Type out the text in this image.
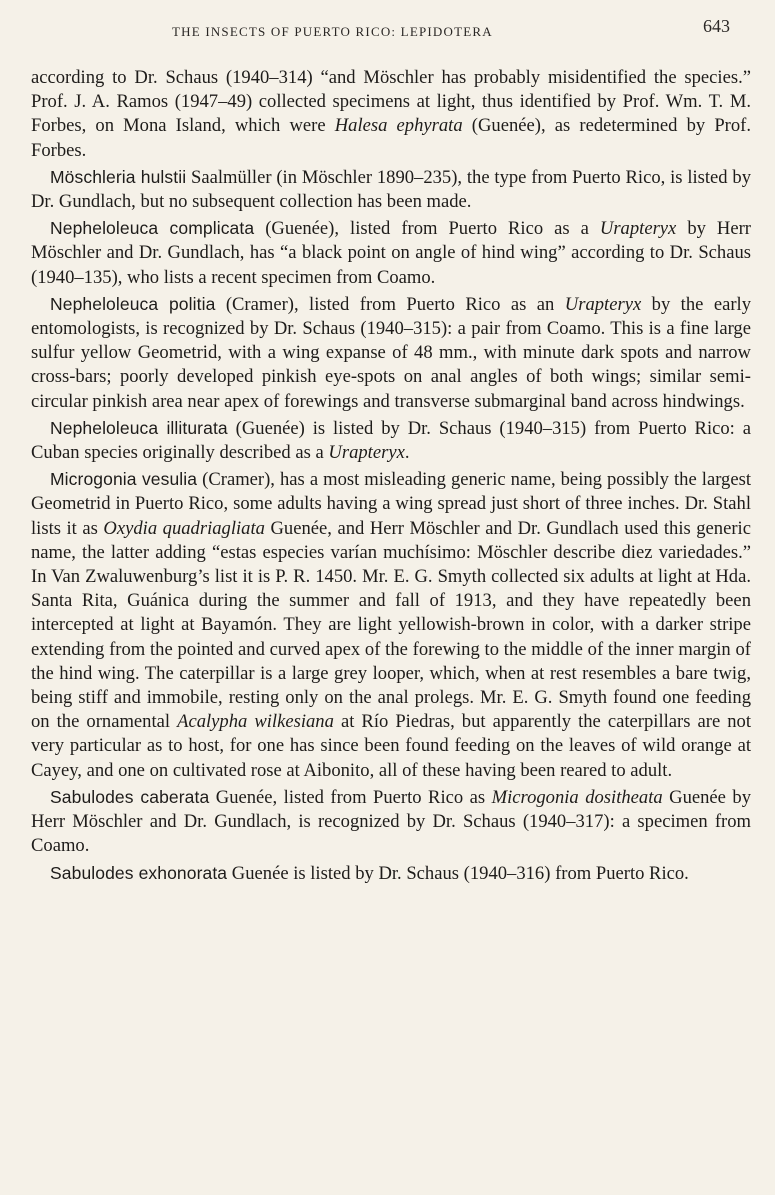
THE INSECTS OF PUERTO RICO: LEPIDOTERA	643

according to Dr. Schaus (1940–314) “and Möschler has probably misidentified the species.” Prof. J. A. Ramos (1947–49) collected specimens at light, thus identified by Prof. Wm. T. M. Forbes, on Mona Island, which were Halesa ephyrata (Guenée), as redetermined by Prof. Forbes.

Möschleria hulstii Saalmüller (in Möschler 1890–235), the type from Puerto Rico, is listed by Dr. Gundlach, but no subsequent collection has been made.

Nepheloleuca complicata (Guenée), listed from Puerto Rico as a Urapteryx by Herr Möschler and Dr. Gundlach, has “a black point on angle of hind wing” according to Dr. Schaus (1940–135), who lists a recent specimen from Coamo.

Nepheloleuca politia (Cramer), listed from Puerto Rico as an Urapteryx by the early entomologists, is recognized by Dr. Schaus (1940–315): a pair from Coamo. This is a fine large sulfur yellow Geometrid, with a wing expanse of 48 mm., with minute dark spots and narrow cross-bars; poorly developed pinkish eye-spots on anal angles of both wings; similar semi-circular pinkish area near apex of forewings and transverse submarginal band across hindwings.

Nepheloleuca illiturata (Guenée) is listed by Dr. Schaus (1940–315) from Puerto Rico: a Cuban species originally described as a Urapteryx.

Microgonia vesulia (Cramer), has a most misleading generic name, being possibly the largest Geometrid in Puerto Rico, some adults having a wing spread just short of three inches. Dr. Stahl lists it as Oxydia quadriagliata Guenée, and Herr Möschler and Dr. Gundlach used this generic name, the latter adding “estas especies varían muchísimo: Möschler describe diez variedades.” In Van Zwaluwenburg’s list it is P. R. 1450. Mr. E. G. Smyth collected six adults at light at Hda. Santa Rita, Guánica during the summer and fall of 1913, and they have repeatedly been intercepted at light at Bayamón. They are light yellowish-brown in color, with a darker stripe extending from the pointed and curved apex of the forewing to the middle of the inner margin of the hind wing. The caterpillar is a large grey looper, which, when at rest resembles a bare twig, being stiff and immobile, resting only on the anal prolegs. Mr. E. G. Smyth found one feeding on the ornamental Acalypha wilkesiana at Río Piedras, but apparently the caterpillars are not very particular as to host, for one has since been found feeding on the leaves of wild orange at Cayey, and one on cultivated rose at Aibonito, all of these having been reared to adult.

Sabulodes caberata Guenée, listed from Puerto Rico as Microgonia dositheata Guenée by Herr Möschler and Dr. Gundlach, is recognized by Dr. Schaus (1940–317): a specimen from Coamo.

Sabulodes exhonorata Guenée is listed by Dr. Schaus (1940–316) from Puerto Rico.
